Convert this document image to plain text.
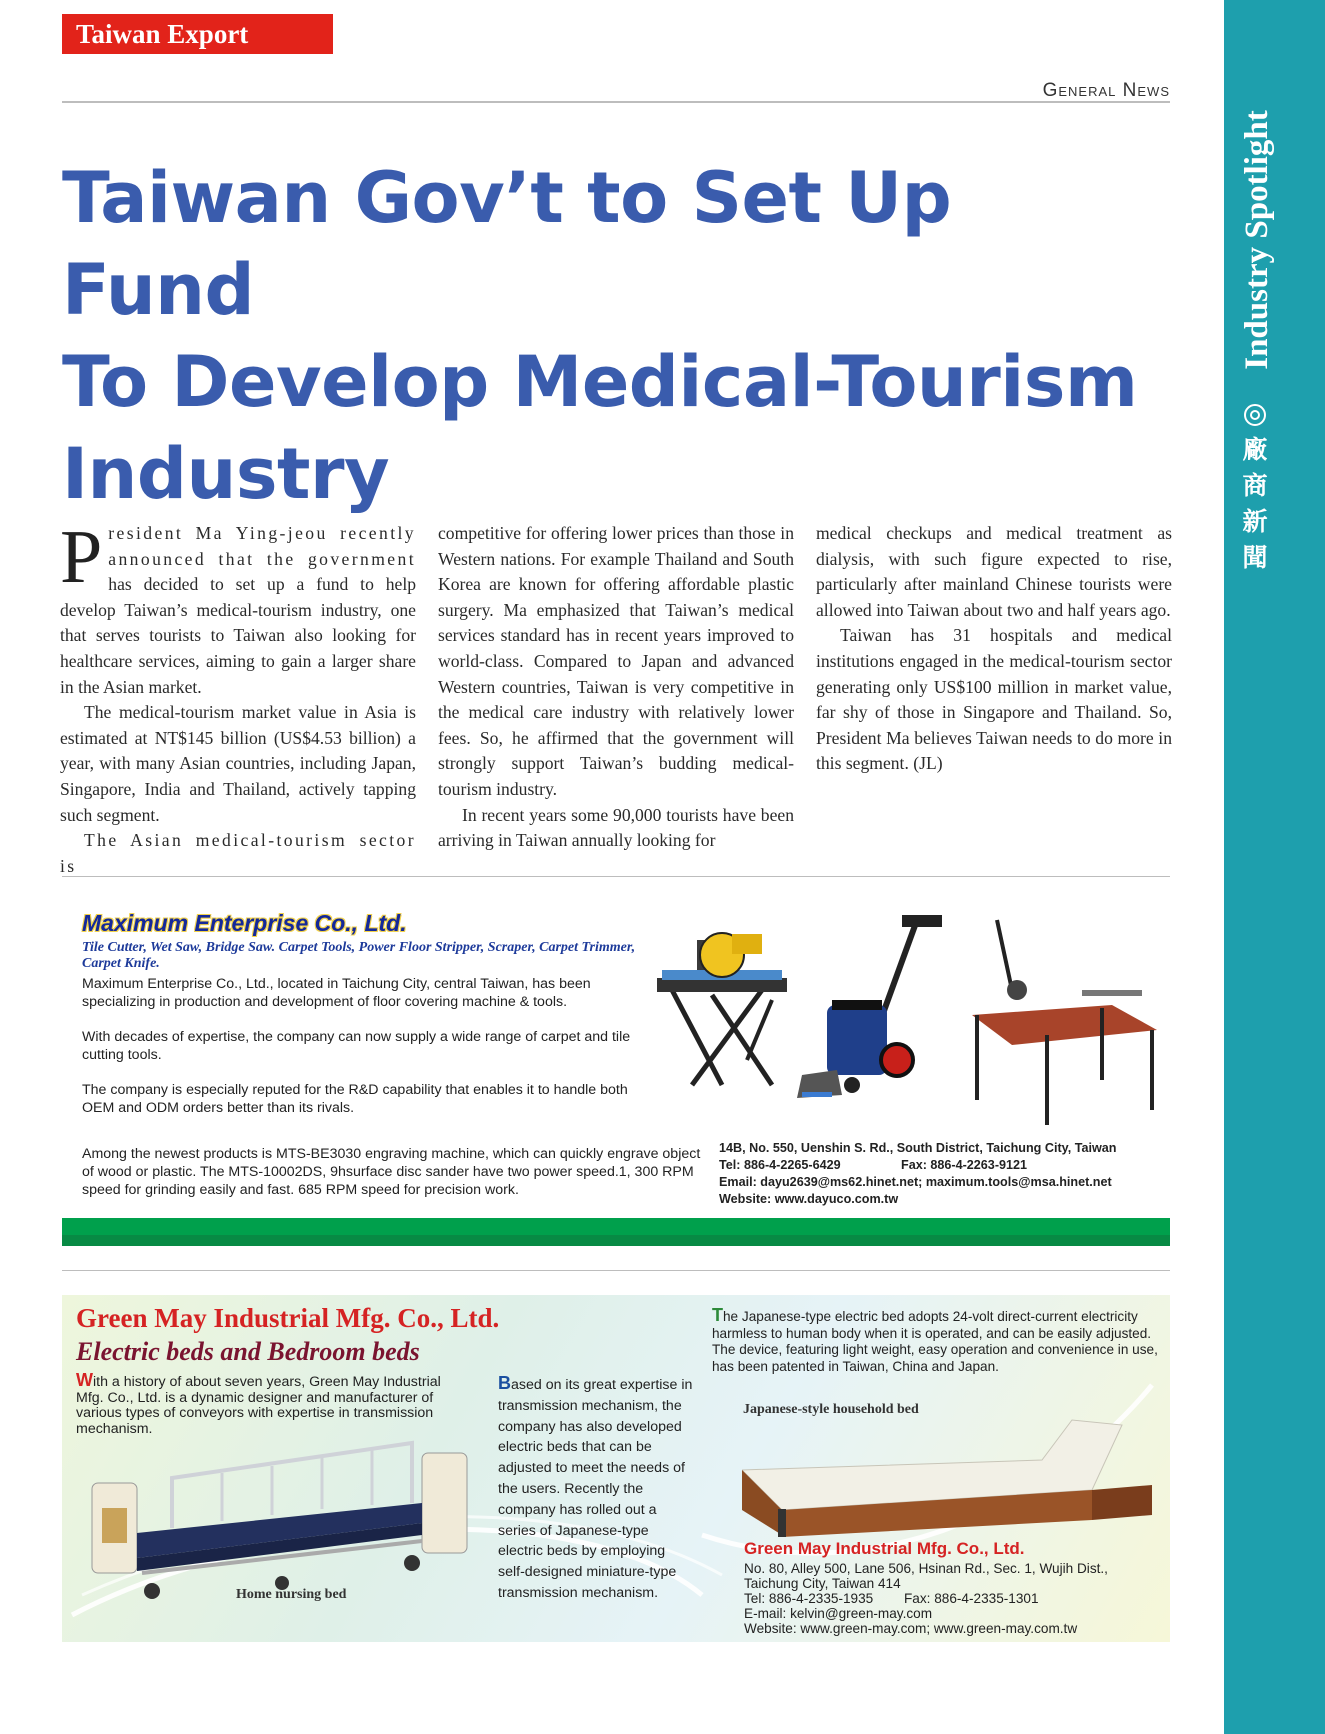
Taiwan Export Express
General News
Industry Spotlight
廠
商
新
聞
Taiwan Gov’t to Set Up Fund
To Develop Medical-Tourism
Industry

P resident Ma Ying-jeou recently announced that the government has decided to set up a fund to help develop Taiwan’s medical-tourism industry, one that serves tourists to Taiwan also looking for healthcare services, aiming to gain a larger share in the Asian market.

The medical-tourism market value in Asia is estimated at NT$145 billion (US$4.53 billion) a year, with many Asian countries, including Japan, Singapore, India and Thailand, actively tapping such segment.

The Asian medical-tourism sector is

competitive for offering lower prices than those in Western nations. For example Thailand and South Korea are known for offering affordable plastic surgery. Ma emphasized that Taiwan’s medical services standard has in recent years improved to world-class. Compared to Japan and advanced Western countries, Taiwan is very competitive in the medical care industry with relatively lower fees. So, he affirmed that the government will strongly support Taiwan’s budding medical-tourism industry.

In recent years some 90,000 tourists have been arriving in Taiwan annually looking for

medical checkups and medical treatment as dialysis, with such figure expected to rise, particularly after mainland Chinese tourists were allowed into Taiwan about two and half years ago.

Taiwan has 31 hospitals and medical institutions engaged in the medical-tourism sector generating only US$100 million in market value, far shy of those in Singapore and Thailand. So, President Ma believes Taiwan needs to do more in this segment. (JL)

Maximum Enterprise Co., Ltd.
Tile Cutter, Wet Saw, Bridge Saw. Carpet Tools, Power Floor Stripper, Scraper, Carpet Trimmer, Carpet Knife.

Maximum Enterprise Co., Ltd., located in Taichung City, central Taiwan, has been specializing in production and development of floor covering machine & tools.

With decades of expertise, the company can now supply a wide range of carpet and tile cutting tools.

The company is especially reputed for the R&D capability that enables it to handle both OEM and ODM orders better than its rivals.

Among the newest products is MTS-BE3030 engraving machine, which can quickly engrave object of wood or plastic. The MTS-10002DS, 9hsurface disc sander have two power speed.1, 300 RPM speed for grinding easily and fast. 685 RPM speed for precision work.
14B, No. 550, Uenshin S. Rd., South District, Taichung City, Taiwan
Tel: 886-4-2265-6429	Fax: 886-4-2263-9121
Email: dayu2639@ms62.hinet.net; maximum.tools@msa.hinet.net
Website: www.dayuco.com.tw
Green May Industrial Mfg. Co., Ltd.
Electric beds and Bedroom beds
With a history of about seven years, Green May Industrial Mfg. Co., Ltd. is a dynamic designer and manufacturer of various types of conveyors with expertise in transmission mechanism.
Based on its great expertise in transmission mechanism, the company has also developed electric beds that can be adjusted to meet the needs of the users. Recently the company has rolled out a series of Japanese-type electric beds by employing self-designed miniature-type transmission mechanism.
The Japanese-type electric bed adopts 24-volt direct-current electricity harmless to human body when it is operated, and can be easily adjusted. The device, featuring light weight, easy operation and convenience in use, has been patented in Taiwan, China and Japan.
Home nursing bed
Japanese-style household bed
Green May Industrial Mfg. Co., Ltd.
No. 80, Alley 500, Lane 506, Hsinan Rd., Sec. 1, Wujih Dist.,
Taichung City, Taiwan 414
Tel: 886-4-2335-1935 Fax: 886-4-2335-1301
E-mail: kelvin@green-may.com
Website: www.green-may.com; www.green-may.com.tw
